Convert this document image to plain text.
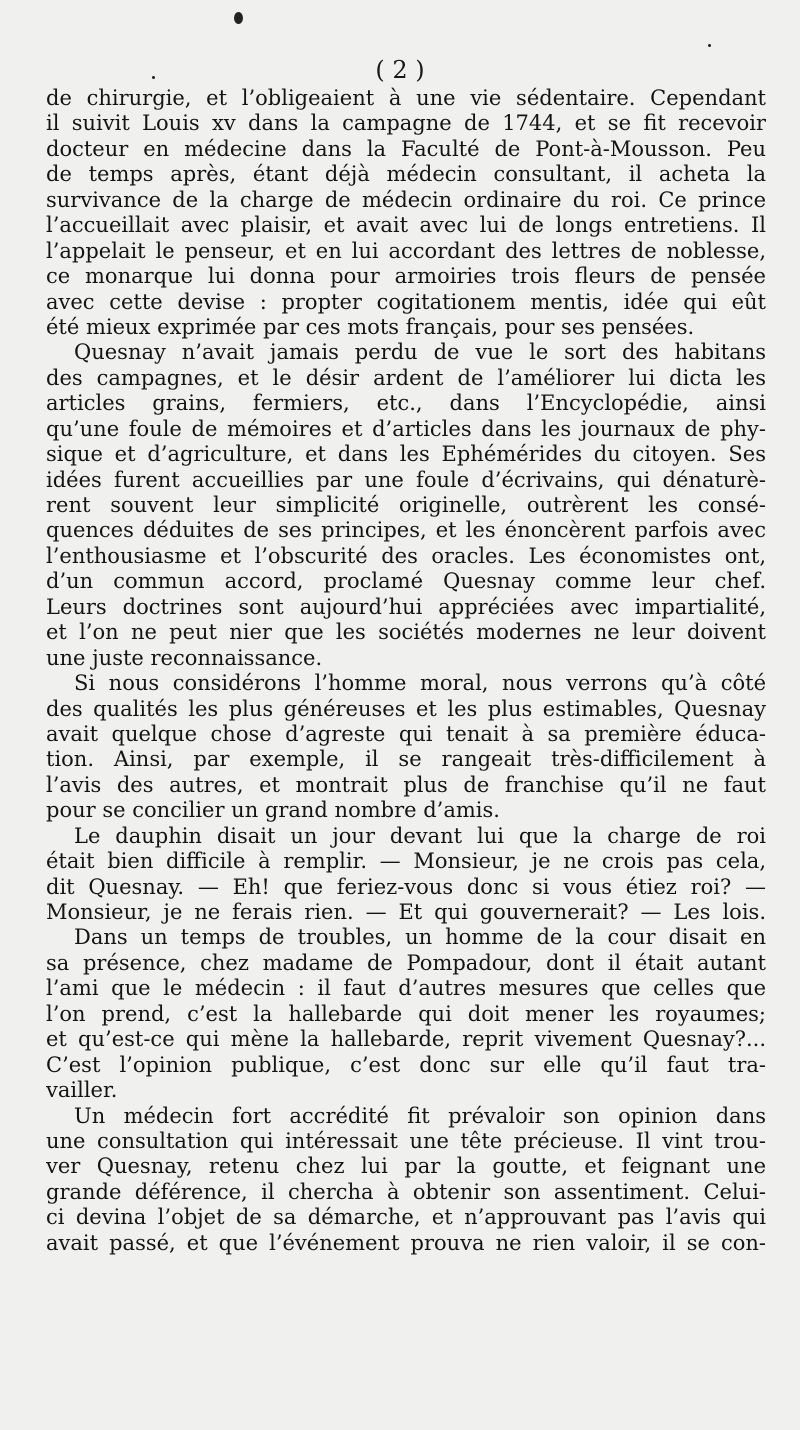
( 2 )
de chirurgie, et l’obligeaient à une vie sédentaire. Cependant
il suivit Louis xv dans la campagne de 1744, et se fit recevoir
docteur en médecine dans la Faculté de Pont-à-Mousson. Peu
de temps après, étant déjà médecin consultant, il acheta la
survivance de la charge de médecin ordinaire du roi. Ce prince
l’accueillait avec plaisir, et avait avec lui de longs entretiens. Il
l’appelait le penseur, et en lui accordant des lettres de noblesse,
ce monarque lui donna pour armoiries trois fleurs de pensée
avec cette devise : propter cogitationem mentis, idée qui eût
été mieux exprimée par ces mots français, pour ses pensées.
Quesnay n’avait jamais perdu de vue le sort des habitans
des campagnes, et le désir ardent de l’améliorer lui dicta les
articles grains, fermiers, etc., dans l’Encyclopédie, ainsi
qu’une foule de mémoires et d’articles dans les journaux de phy-
sique et d’agriculture, et dans les Ephémérides du citoyen. Ses
idées furent accueillies par une foule d’écrivains, qui dénaturè-
rent souvent leur simplicité originelle, outrèrent les consé-
quences déduites de ses principes, et les énoncèrent parfois avec
l’enthousiasme et l’obscurité des oracles. Les économistes ont,
d’un commun accord, proclamé Quesnay comme leur chef.
Leurs doctrines sont aujourd’hui appréciées avec impartialité,
et l’on ne peut nier que les sociétés modernes ne leur doivent
une juste reconnaissance.
Si nous considérons l’homme moral, nous verrons qu’à côté
des qualités les plus généreuses et les plus estimables, Quesnay
avait quelque chose d’agreste qui tenait à sa première éduca-
tion. Ainsi, par exemple, il se rangeait très-difficilement à
l’avis des autres, et montrait plus de franchise qu’il ne faut
pour se concilier un grand nombre d’amis.
Le dauphin disait un jour devant lui que la charge de roi
était bien difficile à remplir. — Monsieur, je ne crois pas cela,
dit Quesnay. — Eh! que feriez-vous donc si vous étiez roi? —
Monsieur, je ne ferais rien. — Et qui gouvernerait? — Les lois.
Dans un temps de troubles, un homme de la cour disait en
sa présence, chez madame de Pompadour, dont il était autant
l’ami que le médecin : il faut d’autres mesures que celles que
l’on prend, c’est la hallebarde qui doit mener les royaumes;
et qu’est-ce qui mène la hallebarde, reprit vivement Quesnay?...
C’est l’opinion publique, c’est donc sur elle qu’il faut tra-
vailler.
Un médecin fort accrédité fit prévaloir son opinion dans
une consultation qui intéressait une tête précieuse. Il vint trou-
ver Quesnay, retenu chez lui par la goutte, et feignant une
grande déférence, il chercha à obtenir son assentiment. Celui-
ci devina l’objet de sa démarche, et n’approuvant pas l’avis qui
avait passé, et que l’événement prouva ne rien valoir, il se con-
